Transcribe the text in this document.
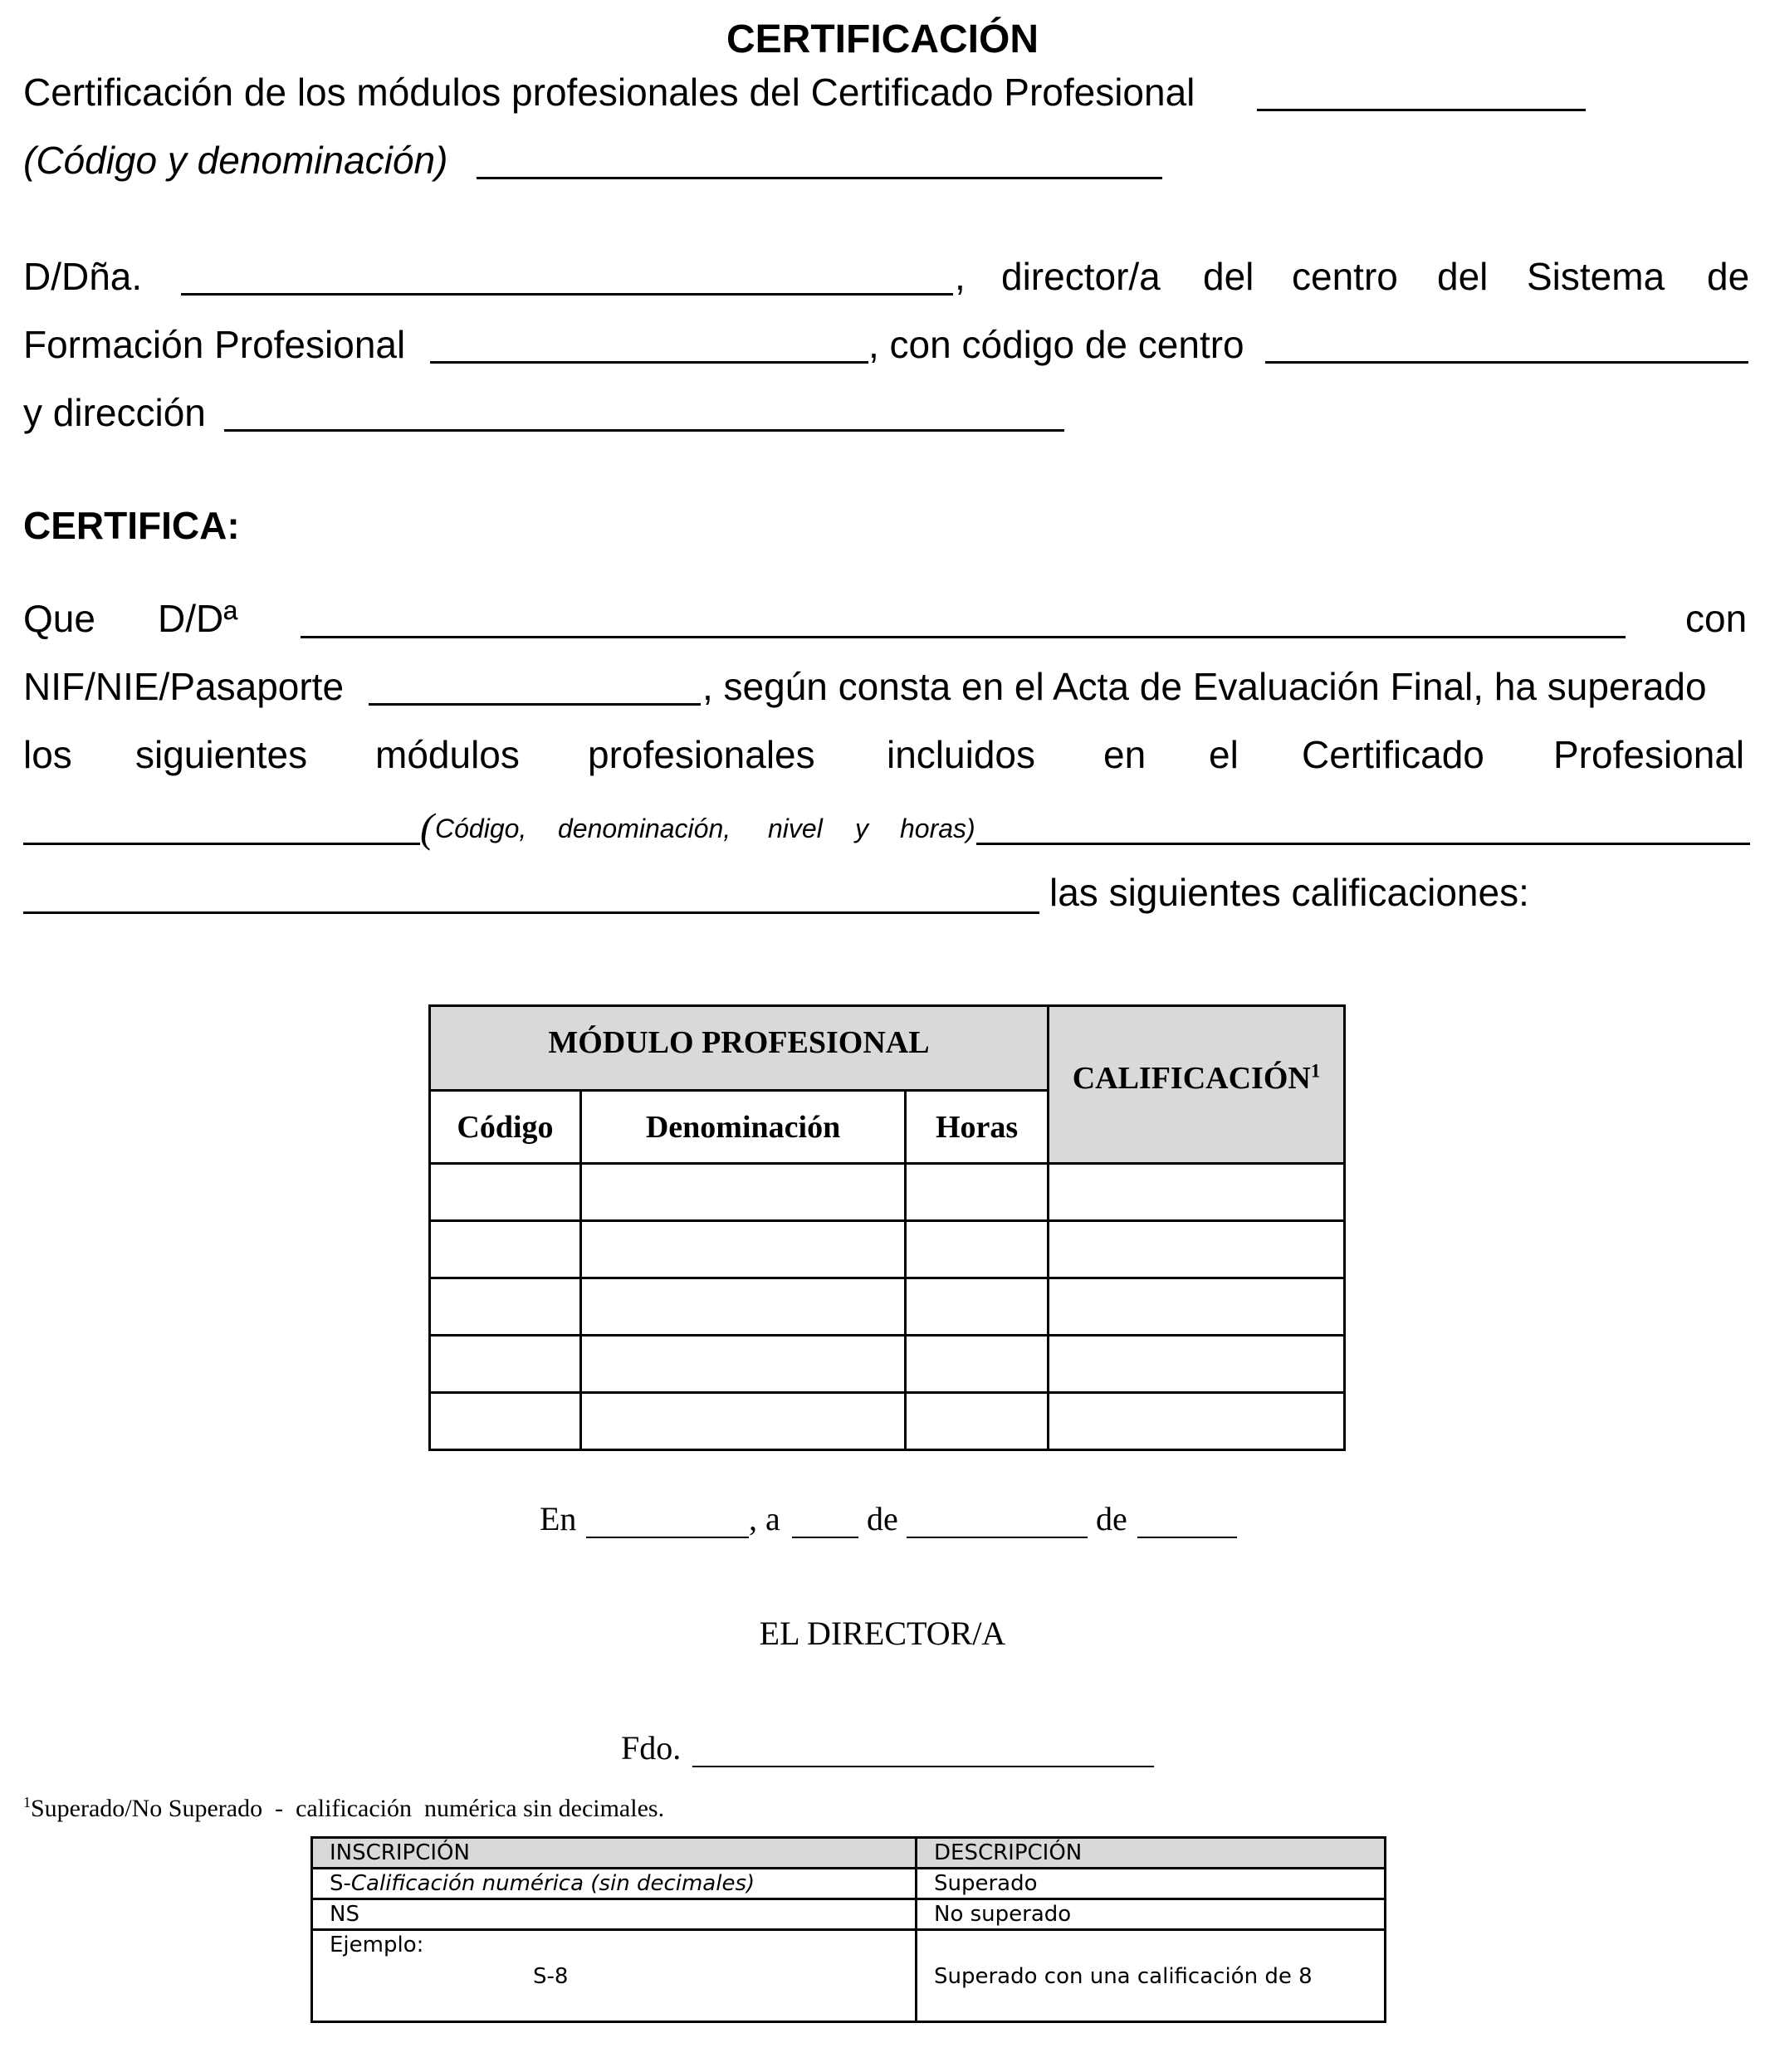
CERTIFICACIÓN
Certificación de los módulos profesionales del Certificado Profesional
(Código y denominación)
D/Dña.	, director/a del centro del Sistema de
Formación Profesional	, con código de centro
y dirección
CERTIFICA:
Que D/Dª	con
NIF/NIE/Pasaporte	, según consta en el Acta de Evaluación Final, ha superado
los siguientes módulos profesionales incluidos en el Certificado Profesional
( Código, denominación, nivel y horas)
las siguientes calificaciones:
MÓDULO PROFESIONAL			CALIFICACIÓN$^1$
Código	Denominación	Horas	

En	, a	de	de
EL DIRECTOR/A
Fdo.
$^1$Superado/No Superado  -  calificación  numérica sin decimales.
INSCRIPCIÓN	DESCRIPCIÓN
S-Calificación numérica (sin decimales)	Superado
NS	No superado

Ejemplo:
S-8	Superado con una calificación de 8
